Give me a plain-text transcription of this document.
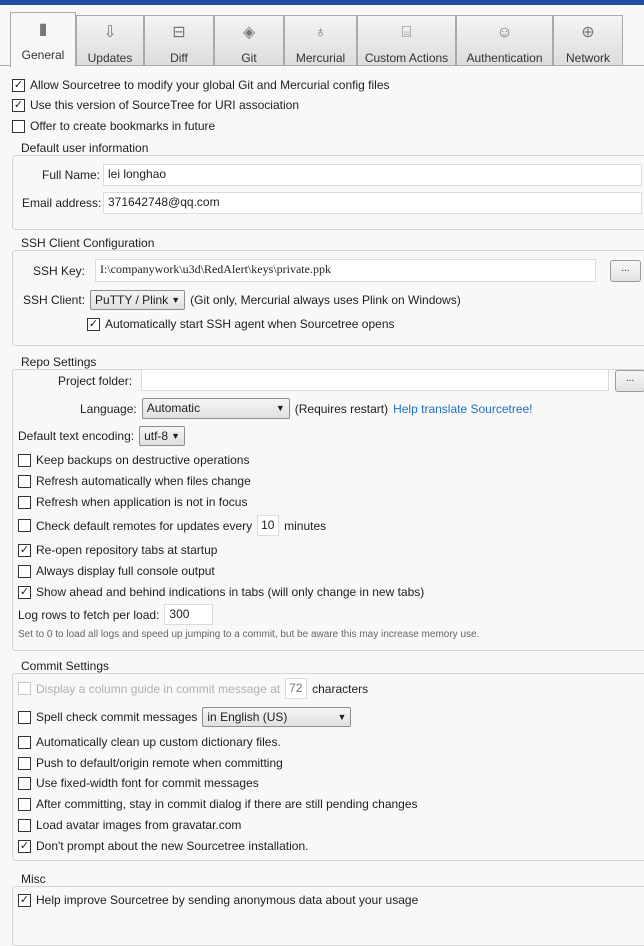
▮
General
⇩
Updates
⊟
Diff
◈
Git
♁
Mercurial
⌸
Custom Actions
☺
Authentication
⊕
Network
✓ Allow Sourcetree to modify your global Git and Mercurial config files
✓ Use this version of SourceTree for URI association
Offer to create bookmarks in future
Default user information
Full Name: lei longhao
Email address: 371642748@qq.com
SSH Client Configuration
SSH Key:	I:\companywork\u3d\RedAlert\keys\private.ppk	...
SSH Client: PuTTY / Plink ▼ (Git only, Mercurial always uses Plink on Windows)
✓ Automatically start SSH agent when Sourcetree opens
Repo Settings
Project folder:	...
Language: Automatic	▼ (Requires restart) Help translate Sourcetree!
Default text encoding: utf-8 ▼
Keep backups on destructive operations
Refresh automatically when files change
Refresh when application is not in focus
Check default remotes for updates every 10 minutes
✓ Re-open repository tabs at startup
Always display full console output
✓ Show ahead and behind indications in tabs (will only change in new tabs)
Log rows to fetch per load: 300
Set to 0 to load all logs and speed up jumping to a commit, but be aware this may increase memory use.
Commit Settings
Display a column guide in commit message at 72 characters
Spell check commit messages in English (US)	▼
Automatically clean up custom dictionary files.
Push to default/origin remote when committing
Use fixed-width font for commit messages
After committing, stay in commit dialog if there are still pending changes
Load avatar images from gravatar.com
✓ Don't prompt about the new Sourcetree installation.
Misc
✓ Help improve Sourcetree by sending anonymous data about your usage
